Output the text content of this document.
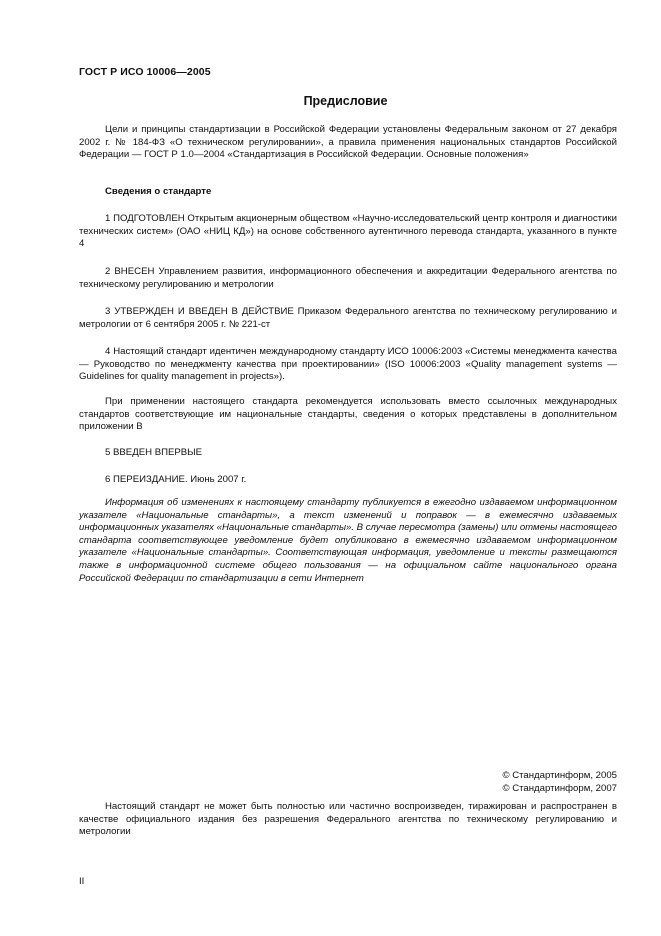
ГОСТ Р ИСО 10006—2005
Предисловие

Цели и принципы стандартизации в Российской Федерации установлены Федеральным законом от 27 декабря 2002 г. № 184-ФЗ «О техническом регулировании», а правила применения национальных стандартов Российской Федерации — ГОСТ Р 1.0—2004 «Стандартизация в Российской Федерации. Основные положения»

Сведения о стандарте

1 ПОДГОТОВЛЕН Открытым акционерным обществом «Научно-исследовательский центр контроля и диагностики технических систем» (ОАО «НИЦ КД») на основе собственного аутентичного перевода стандарта, указанного в пункте 4

2 ВНЕСЕН Управлением развития, информационного обеспечения и аккредитации Федерального агентства по техническому регулированию и метрологии

3 УТВЕРЖДЕН И ВВЕДЕН В ДЕЙСТВИЕ Приказом Федерального агентства по техническому регулированию и метрологии от 6 сентября 2005 г. № 221-ст

4 Настоящий стандарт идентичен международному стандарту ИСО 10006:2003 «Системы менеджмента качества — Руководство по менеджменту качества при проектировании» (ISO 10006:2003 «Quality management systems — Guidelines for quality management in projects»).

При применении настоящего стандарта рекомендуется использовать вместо ссылочных международных стандартов соответствующие им национальные стандарты, сведения о которых представлены в дополнительном приложении В

5 ВВЕДЕН ВПЕРВЫЕ

6 ПЕРЕИЗДАНИЕ. Июнь 2007 г.

Информация об изменениях к настоящему стандарту публикуется в ежегодно издаваемом информационном указателе «Национальные стандарты», а текст изменений и поправок — в ежемесячно издаваемых информационных указателях «Национальные стандарты». В случае пересмотра (замены) или отмены настоящего стандарта соответствующее уведомление будет опубликовано в ежемесячно издаваемом информационном указателе «Национальные стандарты». Соответствующая информация, уведомление и тексты размещаются также в информационной системе общего пользования — на официальном сайте национального органа Российской Федерации по стандартизации в сети Интернет

© Стандартинформ, 2005
© Стандартинформ, 2007

Настоящий стандарт не может быть полностью или частично воспроизведен, тиражирован и распространен в качестве официального издания без разрешения Федерального агентства по техническому регулированию и метрологии

II
